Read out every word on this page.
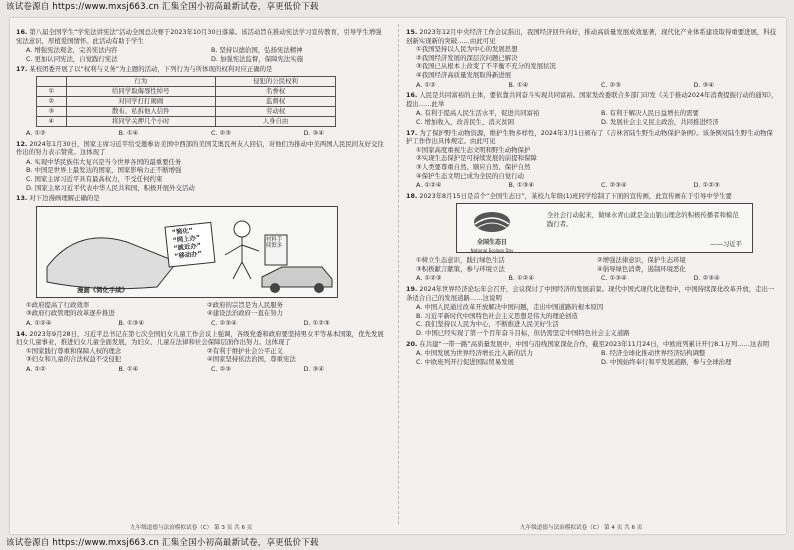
该试卷源自 https://www.mxsj663.cn 汇集全国小初高最新试卷，享更低价下载
16. 第八届全国学生“学宪法讲宪法”活动全国总决赛于2023年10月30日落幕。该活动旨在推动宪法学习宣传教育，引导学生增强宪法意识，厚植爱国情怀。此活动有助于学生
A. 增强宪法观念，完善宪法内容	B. 坚持以德治国，弘扬宪法精神
C. 更加认同宪法，自觉践行宪法	D. 加强宪法监督，保障宪法实施
17. 某校团委开展了以“权利与义务”为主题的活动，下列行为与所体现的权利对应正确的是
	行为	侵犯的公民权利
①	给同学取侮辱性绰号	名誉权
②	对同学打打闹闹	监督权
③	散布、私拆他人信件	劳动权
④	将同学关押几个小时	人身自由
A. ①②	B. ①④	C. ②③	D. ③④
12. 2024年1月30日，国家主席习近平给受邀参访美国中西部的美国艾奥瓦州友人回信，对他们为推动中美两国人民民间友好交往作出的努力表示赞赏。这体现了
A. 实现中华民族伟大复兴是当今世界各国的最重要任务
B. 中国是世界上最发达的国家，国家影响力正不断增强
C. 国家主席习近平具有最高权力，不受任何约束
D. 国家主席习近平代表中华人民共和国，积极开展外交活动
13. 对下边漫画理解正确的是
“简化”
“网上办”
“就近办”
“移动办”
材料手续繁多
漫画《简化手续》
①政府提高了行政效率	②政府的宗旨是为人民服务
③政府行政管理的改革逐步推进	④建设法治政府一直在努力
A. ①②④	B. ①③④	C. ②③④	D. ①②③
14. 2023年9月28日，习近平总书记在第七次全国妇女儿童工作会议上强调，各级党委和政府要坚持男女平等基本国策，优先发展妇女儿童事业，推进妇女儿童全面发展，为妇女、儿童在法律和社会保障层面作出努力。这体现了
①国家践行尊重和保障人权的理念	②有利于维护社会公平正义
③妇女和儿童的合法权益不受侵犯	④国家坚持依法治国，尊重宪法
A. ①②	B. ①④	C. ②③	D. ③④
九年级道德与法治模拟试卷（C） 第 3 页 共 6 页
15. 2023年12月中央经济工作会议指出，我国经济回升向好，推动高质量发展成效显著，现代化产业体系建设取得重要进展，科技创新实现新的突破……由此可见
①我国坚持以人民为中心的发展思想
②我国经济发展的深层次问题已解决
③我国已从根本上改变了不平衡不充分的发展状况
④我国经济高质量发展取得新进展
A. ①②	B. ①④	C. ②③	D. ③④
16. 人民是共同富裕的主体，要依靠共同奋斗实现共同富裕。国家发改委联合多部门印发《关于推动2024年消费提振行动的通知》，提出……此举
A. 有利于提高人民生活水平，促进共同富裕	B. 有利于解决人民日益增长的需要
C. 增加收入，改善民生，消灭贫困	D. 发展社会主义民主政治，共同推进经济
17. 为了保护野生动物资源，维护生物多样性，2024年3月1日颁布了《吉林省陆生野生动物保护条例》。该条例对陆生野生动物保护工作作出具体规定。由此可见
①国家高度重视生态文明和野生动物保护
②实现生态保护是可持续发展的前提和保障
③人类要尊重自然、顺应自然、保护自然
④保护生态文明已成为全民的自觉行动
A. ①②④	B. ①③④	C. ②③④	D. ①②③
18. 2023年8月15日是首个“全国生态日”，某校九年级(1)班同学绘制了下面的宣传画，此宣传画在于引导中学生要
全国生态日
National Ecology Day
全社会行动起来，做绿水青山就是金山银山理念的积极传播者和模范践行者。
——习近平
①树立生态意识，践行绿色生活	②增强法律意识，保护生态环境
③积极献言献策，参与环境立法	④倡导绿色消费，遏制环境恶化
A. ①②③	B. ①②④	C. ①③④	D. ②③④
19. 2024年世界经济论坛年会召开，会议探讨了中国经济的发展前景。现代中国式现代化进程中，中国持续深化改革开放，走出一条适合自己的发展道路……这说明
A. 中国人民通过改革开放解决中国问题，走出中国道路的根本原因
B. 习近平新时代中国特色社会主义思想是伟大的理论创造
C. 我们坚持以人民为中心，不断推进人民美好生活
D. 中国已经实现了第一个百年奋斗目标，但仍需坚定中国特色社会主义道路
20. 在共建“一带一路”高质量发展中，中国与沿线国家深化合作，截至2023年11月24日，中欧班列累计开行8.1万列……这表明
A. 中国发展为世界经济增长注入新的活力	B. 经济全球化推动世界经济结构调整
C. 中欧班列开行促进国际贸易发展	D. 中国始终奉行和平发展道路，参与全球治理
九年级道德与法治模拟试卷（C） 第 4 页 共 6 页
该试卷源自 https://www.mxsj663.cn 汇集全国小初高最新试卷，享更低价下载
